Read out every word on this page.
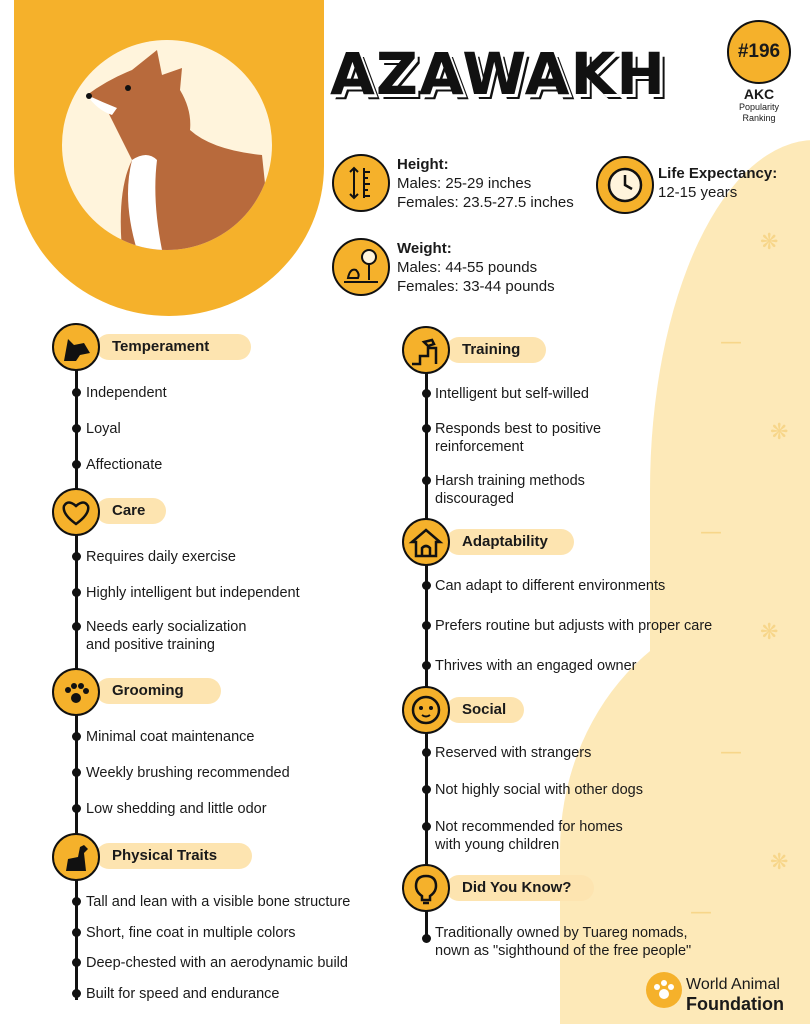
❋
—
❋
—
❋
—
❋
—
AZAWAKH	#196
AKC
Popularity
Ranking
Height:
Males: 25-29 inches
Females: 23.5-27.5 inches
Life Expectancy:
12-15 years
Weight:
Males: 44-55 pounds
Females: 33-44 pounds
Temperament
Independent
Loyal
Affectionate
Care
Requires daily exercise
Highly intelligent but independent
Needs early socialization
and positive training
Grooming
Minimal coat maintenance
Weekly brushing recommended
Low shedding and little odor
Physical Traits
Tall and lean with a visible bone structure
Short, fine coat in multiple colors
Deep-chested with an aerodynamic build
Built for speed and endurance
Training
Intelligent but self-willed
Responds best to positive
reinforcement
Harsh training methods
discouraged
Adaptability
Can adapt to different environments
Prefers routine but adjusts with proper care
Thrives with an engaged owner
Social
Reserved with strangers
Not highly social with other dogs
Not recommended for homes
with young children
Did You Know?
Traditionally owned by Tuareg nomads,
nown as "sighthound of the free people"
World Animal
Foundation
